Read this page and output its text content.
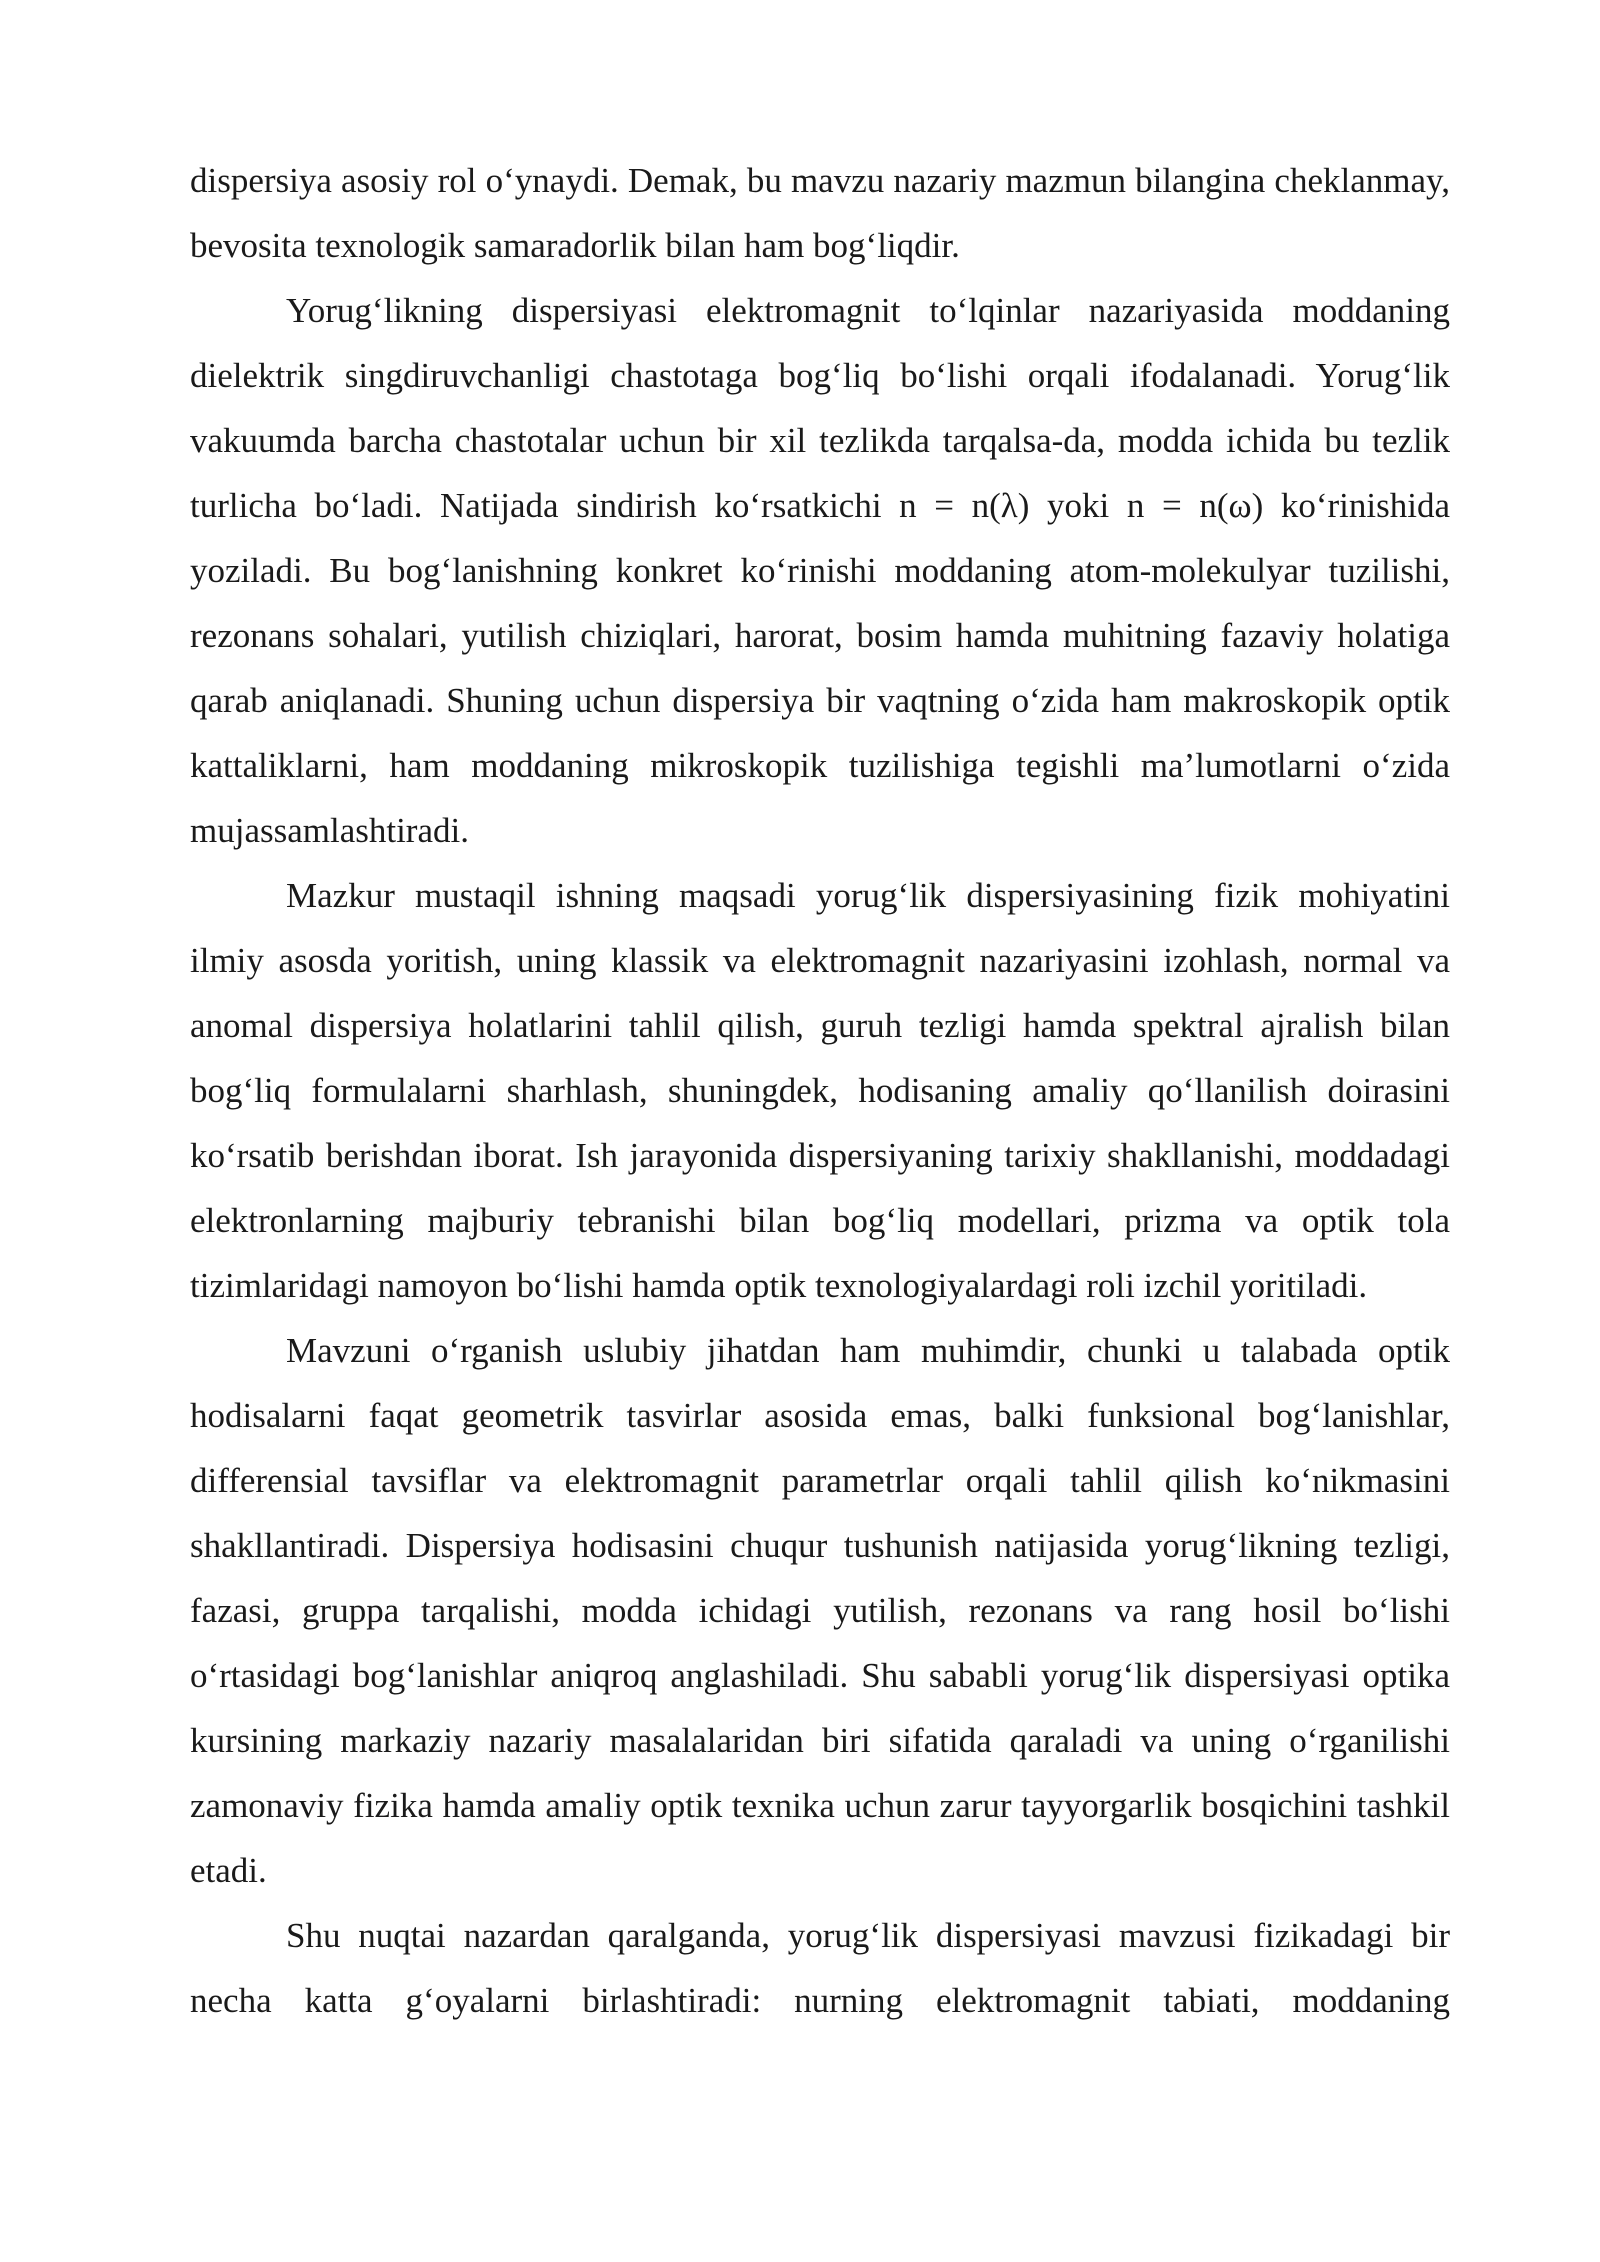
dispersiya asosiy rol o‘ynaydi. Demak, bu mavzu nazariy mazmun bilangina cheklanmay, bevosita texnologik samaradorlik bilan ham bog‘liqdir.

Yorug‘likning dispersiyasi elektromagnit to‘lqinlar nazariyasida moddaning dielektrik singdiruvchanligi chastotaga bog‘liq bo‘lishi orqali ifodalanadi. Yorug‘lik vakuumda barcha chastotalar uchun bir xil tezlikda tarqalsa-da, modda ichida bu tezlik turlicha bo‘ladi. Natijada sindirish ko‘rsatkichi n = n(λ) yoki n = n(ω) ko‘rinishida yoziladi. Bu bog‘lanishning konkret ko‘rinishi moddaning atom-molekulyar tuzilishi, rezonans sohalari, yutilish chiziqlari, harorat, bosim hamda muhitning fazaviy holatiga qarab aniqlanadi. Shuning uchun dispersiya bir vaqtning o‘zida ham makroskopik optik kattaliklarni, ham moddaning mikroskopik tuzilishiga tegishli ma’lumotlarni o‘zida mujassamlashtiradi.

Mazkur mustaqil ishning maqsadi yorug‘lik dispersiyasining fizik mohiyatini ilmiy asosda yoritish, uning klassik va elektromagnit nazariyasini izohlash, normal va anomal dispersiya holatlarini tahlil qilish, guruh tezligi hamda spektral ajralish bilan bog‘liq formulalarni sharhlash, shuningdek, hodisaning amaliy qo‘llanilish doirasini ko‘rsatib berishdan iborat. Ish jarayonida dispersiyaning tarixiy shakllanishi, moddadagi elektronlarning majburiy tebranishi bilan bog‘liq modellari, prizma va optik tola tizimlaridagi namoyon bo‘lishi hamda optik texnologiyalardagi roli izchil yoritiladi.

Mavzuni o‘rganish uslubiy jihatdan ham muhimdir, chunki u talabada optik hodisalarni faqat geometrik tasvirlar asosida emas, balki funksional bog‘lanishlar, differensial tavsiflar va elektromagnit parametrlar orqali tahlil qilish ko‘nikmasini shakllantiradi. Dispersiya hodisasini chuqur tushunish natijasida yorug‘likning tezligi, fazasi, gruppa tarqalishi, modda ichidagi yutilish, rezonans va rang hosil bo‘lishi o‘rtasidagi bog‘lanishlar aniqroq anglashiladi. Shu sababli yorug‘lik dispersiyasi optika kursining markaziy nazariy masalalaridan biri sifatida qaraladi va uning o‘rganilishi zamonaviy fizika hamda amaliy optik texnika uchun zarur tayyorgarlik bosqichini tashkil etadi.

Shu nuqtai nazardan qaralganda, yorug‘lik dispersiyasi mavzusi fizikadagi bir necha katta g‘oyalarni birlashtiradi: nurning elektromagnit tabiati, moddaning
